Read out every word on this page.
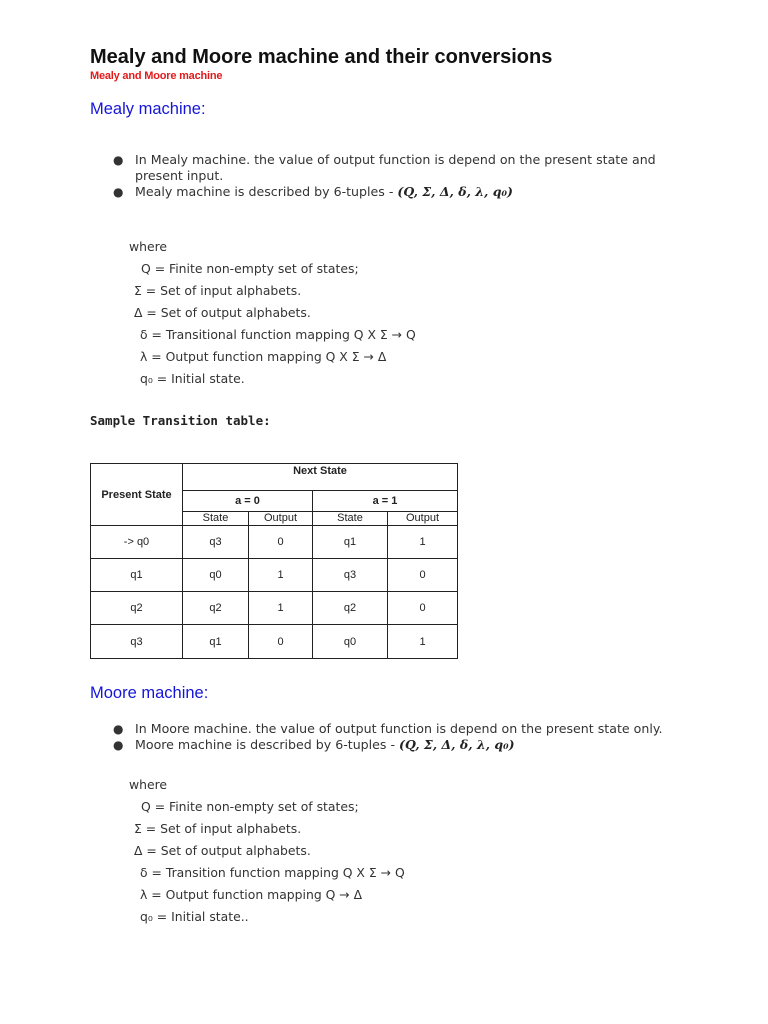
Mealy and Moore machine and their conversions
Mealy and Moore machine
Mealy machine:
● In Mealy machine. the value of output function is depend on the present state and present input.
● Mealy machine is described by 6-tuples - (Q, Σ, Δ, δ, λ, q₀)
where
Q = Finite non-empty set of states;
Σ = Set of input alphabets.
Δ = Set of output alphabets.
δ = Transitional function mapping Q X Σ → Q
λ = Output function mapping Q X Σ → Δ
q₀ = Initial state.
Sample Transition table:
Present State	Next State			
	a = 0		a = 1	
	State	Output	State	Output
-> q0	q3	0	q1	1
q1	q0	1	q3	0
q2	q2	1	q2	0
q3	q1	0	q0	1
Moore machine:
● In Moore machine. the value of output function is depend on the present state only.
● Moore machine is described by 6-tuples - (Q, Σ, Δ, δ, λ, q₀)
where
Q = Finite non-empty set of states;
Σ = Set of input alphabets.
Δ = Set of output alphabets.
δ = Transition function mapping Q X Σ → Q
λ = Output function mapping Q → Δ
q₀ = Initial state..
